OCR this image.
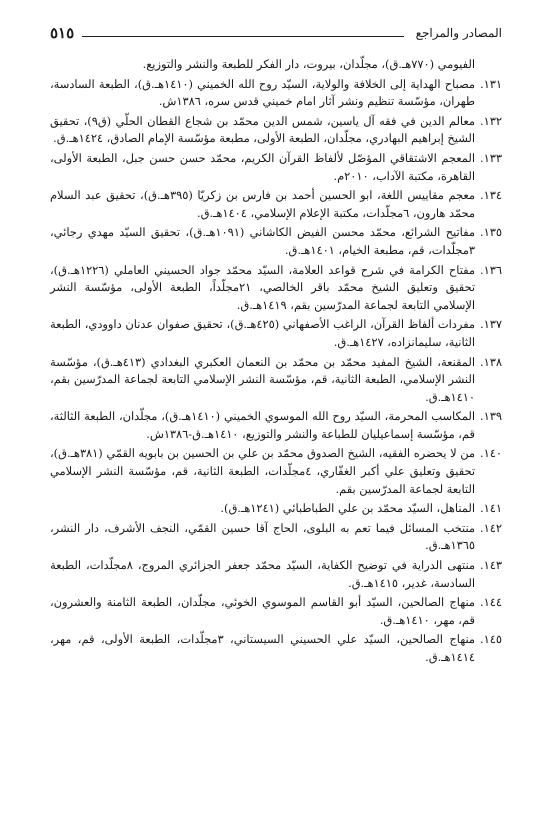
المصادر والمراجع
٥١٥
الفيومي (٧٧٠هـ.ق)، مجلّدان، بيروت، دار الفكر للطبعة والنشر والتوزيع.
١٣١.
مصباح الهداية إلى الخلافة والولاية، السيّد روح الله الخميني (١٤١٠هـ.ق)، الطبعة السادسة، طهران، مؤسّسة تنظيم ونشر آثار امام خميني قدس سره، ١٣٨٦ش.
١٣٢.
معالم الدين في فقه آل ياسين، شمس الدين محمّد بن شجاع القطان الحلّي (ق٩)، تحقيق الشيخ إبراهيم البهادري، مجلّدان، الطبعة الأولى، مطبعة مؤسّسة الإمام الصادق، ١٤٢٤هـ.ق.
١٣٣.
المعجم الاشتقاقي المؤصّل لألفاظ القرآن الكريم، محمّد حسن حسن جبل، الطبعة الأولى، القاهرة، مكتبة الآداب، ٢٠١٠م.
١٣٤.
معجم مقاييس اللغة، ابو الحسين أحمد بن فارس بن زكريّا (٣٩٥هـ.ق)، تحقيق عبد السلام محمّد هارون، ٦مجلّدات، مكتبة الإعلام الإسلامي، ١٤٠٤هـ.ق.
١٣٥.
مفاتيح الشرائع، محمّد محسن الفيض الكاشاني (١٠٩١هـ.ق)، تحقيق السيّد مهدي رجائي، ٣مجلّدات، قم، مطبعة الخيام، ١٤٠١هـ.ق.
١٣٦.
مفتاح الكرامة في شرح قواعد العلامة، السيّد محمّد جواد الحسيني العاملي (١٢٢٦هـ.ق)، تحقيق وتعليق الشيخ محمّد باقر الخالصي، ٢١مجلّداً، الطبعة الأولى، مؤسّسة النشر الإسلامي التابعة لجماعة المدرّسين بقم، ١٤١٩هـ.ق.
١٣٧.
مفردات ألفاظ القرآن، الراغب الأصفهاني (٤٢٥هـ.ق)، تحقيق صفوان عدنان داوودي، الطبعة الثانية، سليمانزاده، ١٤٢٧هـ.ق.
١٣٨.
المقنعة، الشيخ المفيد محمّد بن محمّد بن النعمان العكبري البغدادي (٤١٣هـ.ق)، مؤسّسة النشر الإسلامي، الطبعة الثانية، قم، مؤسّسة النشر الإسلامي التابعة لجماعة المدرّسين بقم، ١٤١٠هـ.ق.
١٣٩.
المكاسب المحرمة، السيّد روح الله الموسوي الخميني (١٤١٠هـ.ق)، مجلّدان، الطبعة الثالثة، قم، مؤسّسة إسماعيليان للطباعة والنشر والتوزيع، ١٤١٠هـ.ق-١٣٨٦ش.
١٤٠.
من لا يحضره الفقيه، الشيخ الصدوق محمّد بن علي بن الحسين بن بابويه القمّي (٣٨١هـ.ق)، تحقيق وتعليق علي أكبر الغفّاري، ٤مجلّدات، الطبعة الثانية، قم، مؤسّسة النشر الإسلامي التابعة لجماعة المدرّسين بقم.
١٤١.
المناهل، السيّد محمّد بن علي الطباطبائي (١٢٤١هـ.ق).
١٤٢.
منتخب المسائل فيما تعم به البلوى، الحاج آقا حسين القمّي، النجف الأشرف، دار النشر، ١٣٦٥هـ.ق.
١٤٣.
منتهى الدراية في توضيح الكفاية، السيّد محمّد جعفر الجزائري المروج، ٨مجلّدات، الطبعة السادسة، غدير، ١٤١٥هـ.ق.
١٤٤.
منهاج الصالحين، السيّد أبو القاسم الموسوي الخوئي، مجلّدان، الطبعة الثامنة والعشرون، قم، مهر، ١٤١٠هـ.ق.
١٤٥.
منهاج الصالحين، السيّد علي الحسيني السيستاني، ٣مجلّدات، الطبعة الأولى، قم، مهر، ١٤١٤هـ.ق.
